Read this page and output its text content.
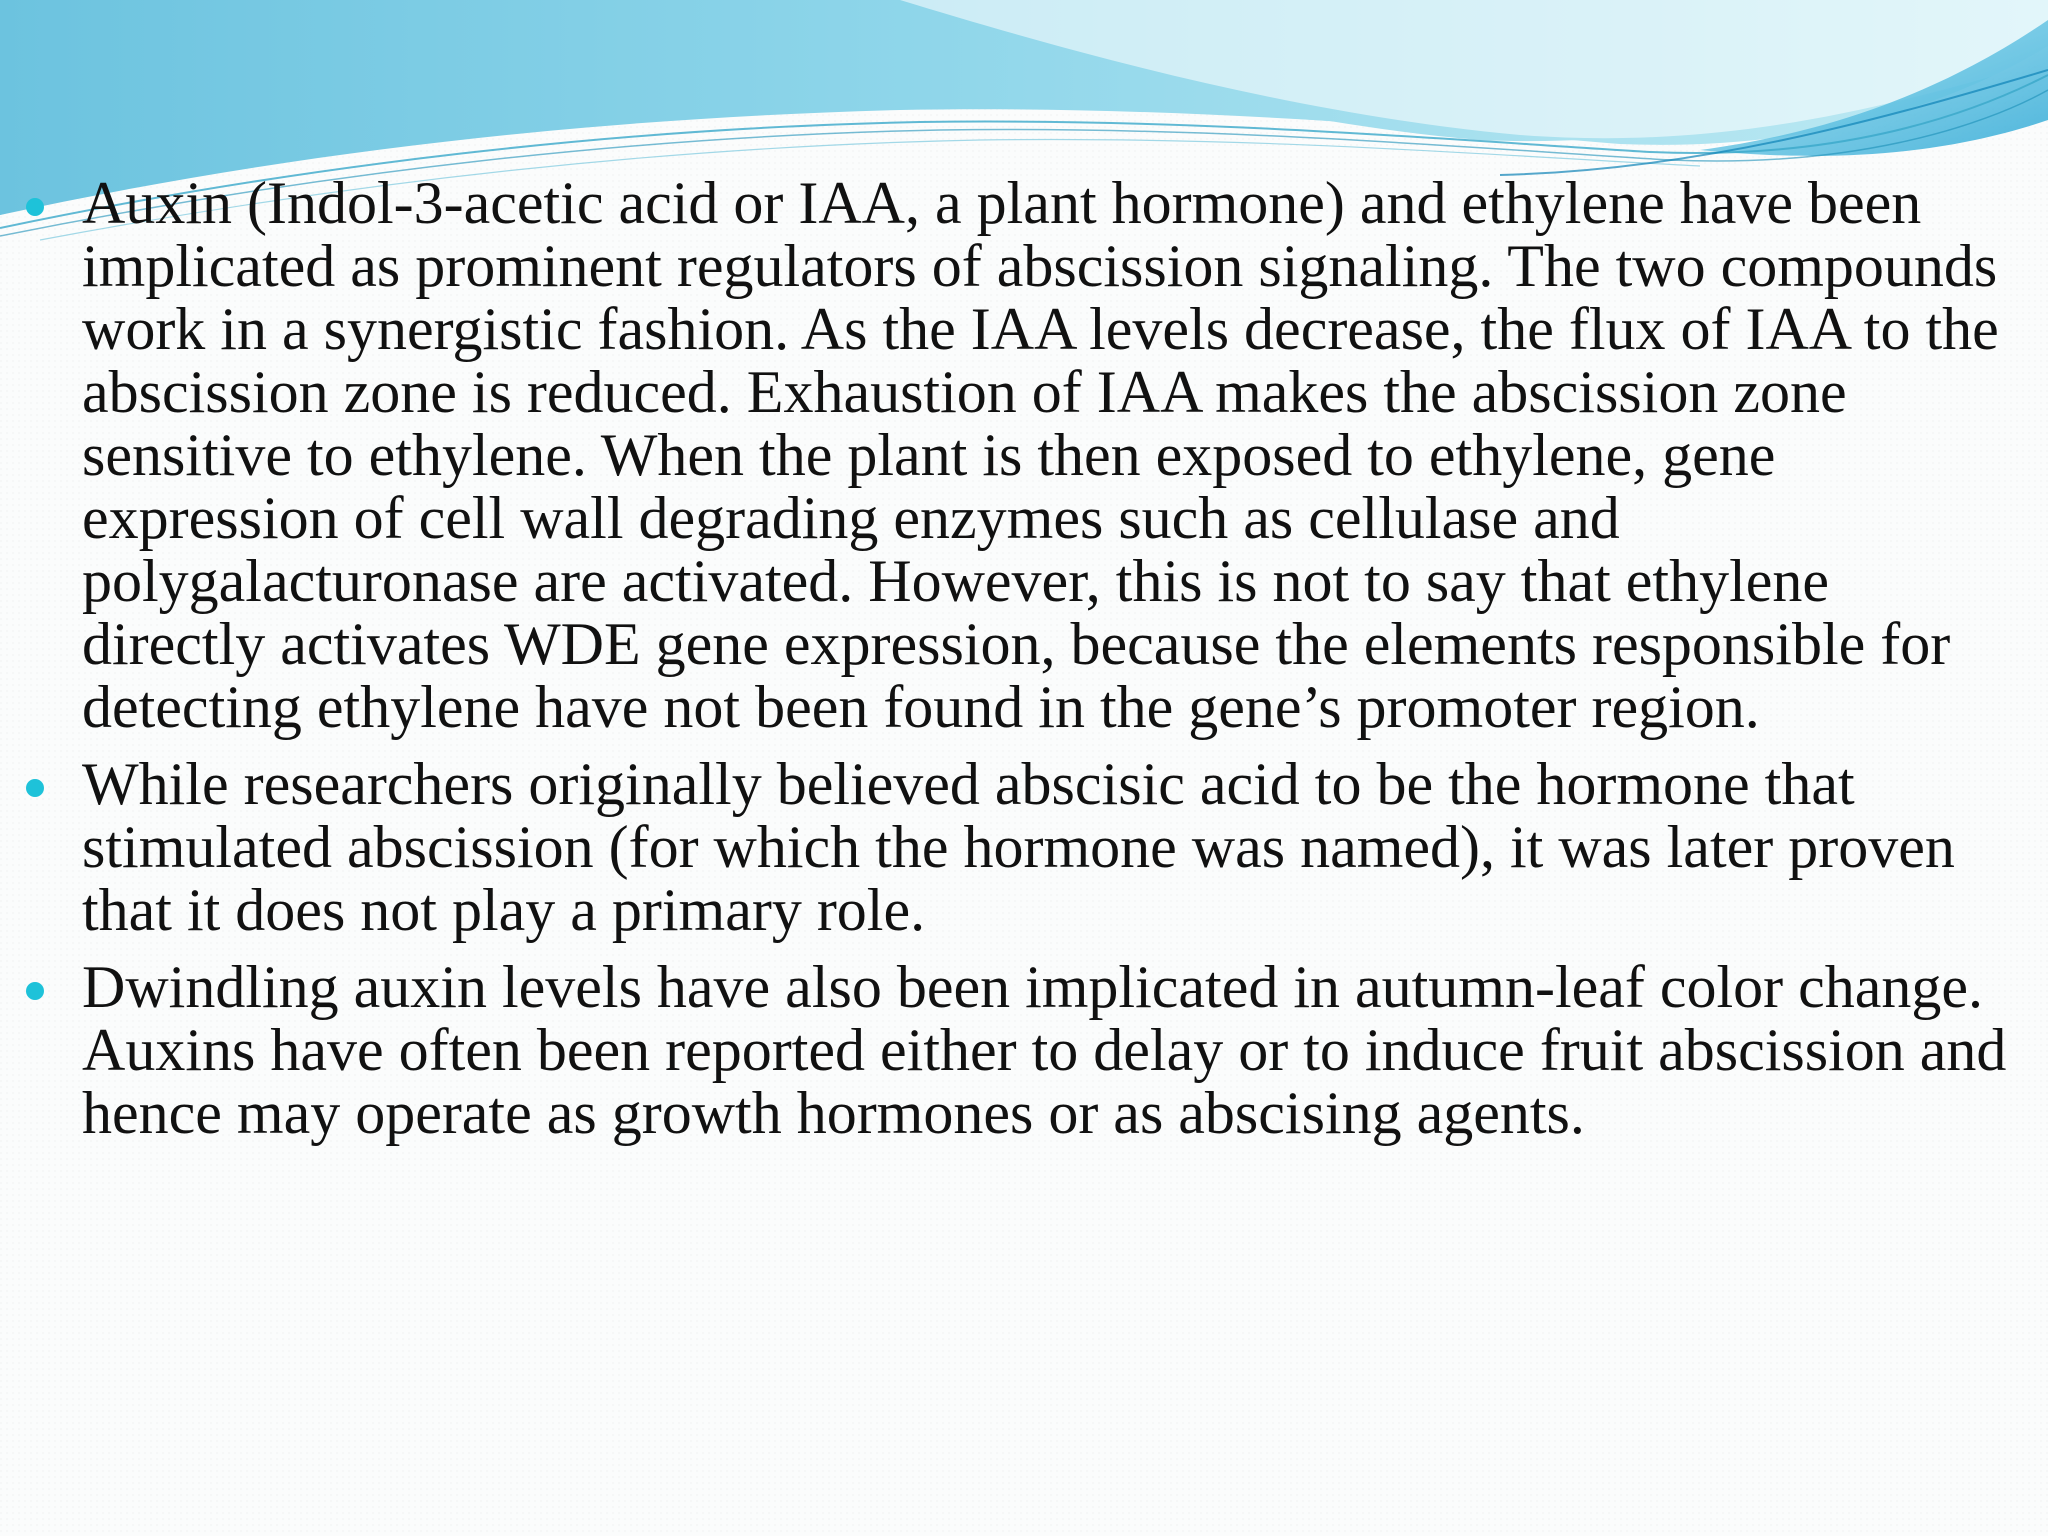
Auxin (Indol-3-acetic acid or IAA, a plant hormone) and ethylene have been implicated as prominent regulators of abscission signaling. The two compounds work in a synergistic fashion. As the IAA levels decrease, the flux of IAA to the abscission zone is reduced. Exhaustion of IAA makes the abscission zone sensitive to ethylene. When the plant is then exposed to ethylene, gene expression of cell wall degrading enzymes such as cellulase and polygalacturonase are activated. However, this is not to say that ethylene directly activates WDE gene expression, because the elements responsible for detecting ethylene have not been found in the gene’s promoter region.
While researchers originally believed abscisic acid to be the hormone that stimulated abscission (for which the hormone was named), it was later proven that it does not play a primary role.
Dwindling auxin levels have also been implicated in autumn-leaf color change. Auxins have often been reported either to delay or to induce fruit abscission and hence may operate as growth hormones or as abscising agents.
